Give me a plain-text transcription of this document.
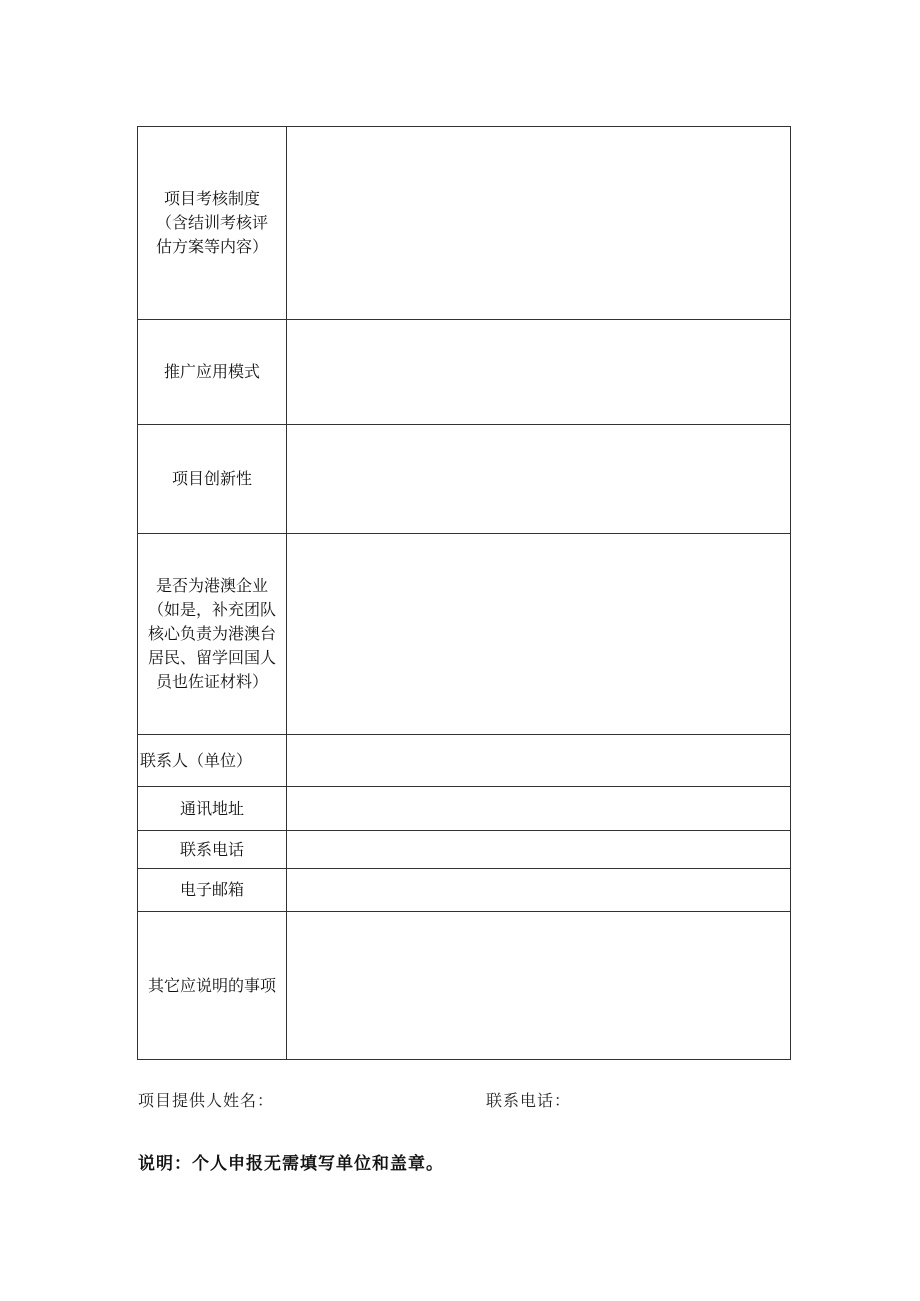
项目考核制度
（含结训考核评
估方案等内容）	

推广应用模式	

项目创新性	

是否为港澳企业
（如是，补充团队
核心负责为港澳台
居民、留学回国人
员也佐证材料）	

联系人（单位）	

通讯地址	

联系电话	

电子邮箱	

其它应说明的事项	

项目提供人姓名：	联系电话：
说明：个人申报无需填写单位和盖章。
